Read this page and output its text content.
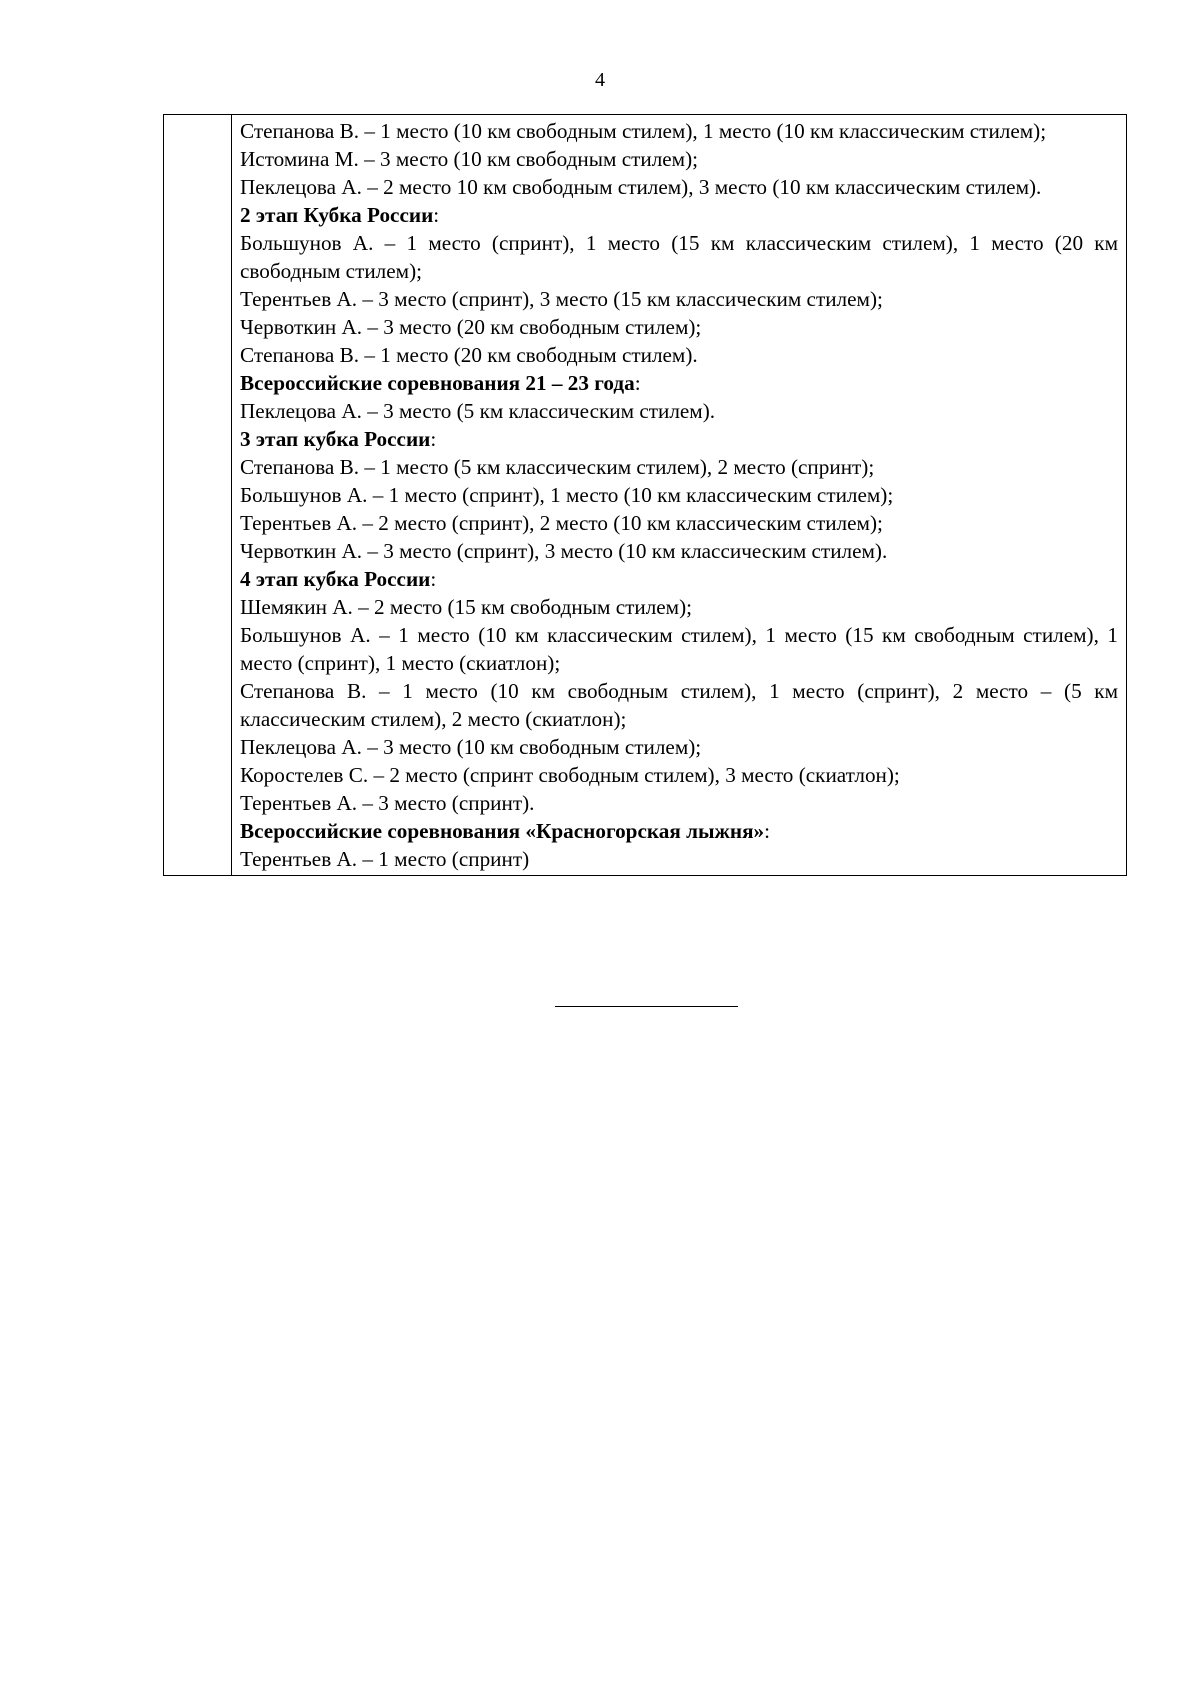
4

Степанова В. – 1 место (10 км свободным стилем), 1 место (10 км классическим стилем);
Истомина М. – 3 место (10 км свободным стилем);
Пеклецова А. – 2 место 10 км свободным стилем), 3 место (10 км классическим стилем).
2 этап Кубка России:
Большунов А. – 1 место (спринт), 1 место (15 км классическим стилем), 1 место (20 км свободным стилем);
Терентьев А. – 3 место (спринт), 3 место (15 км классическим стилем);
Червоткин А. – 3 место (20 км свободным стилем);
Степанова В. – 1 место (20 км свободным стилем).
Всероссийские соревнования 21 – 23 года:
Пеклецова А. – 3 место (5 км классическим стилем).
3 этап кубка России:
Степанова В. – 1 место (5 км классическим стилем), 2 место (спринт);
Большунов А. – 1 место (спринт), 1 место (10 км классическим стилем);
Терентьев А. – 2 место (спринт), 2 место (10 км классическим стилем);
Червоткин А. – 3 место (спринт), 3 место (10 км классическим стилем).
4 этап кубка России:
Шемякин А. – 2 место (15 км свободным стилем);
Большунов А. – 1 место (10 км классическим стилем), 1 место (15 км свободным стилем), 1 место (спринт), 1 место (скиатлон);
Степанова В. – 1 место (10 км свободным стилем), 1 место (спринт), 2 место – (5 км классическим стилем), 2 место (скиатлон);
Пеклецова А. – 3 место (10 км свободным стилем);
Коростелев С. – 2 место (спринт свободным стилем), 3 место (скиатлон);
Терентьев А. – 3 место (спринт).
Всероссийские соревнования «Красногорская лыжня»:
Терентьев А. – 1 место (спринт)
